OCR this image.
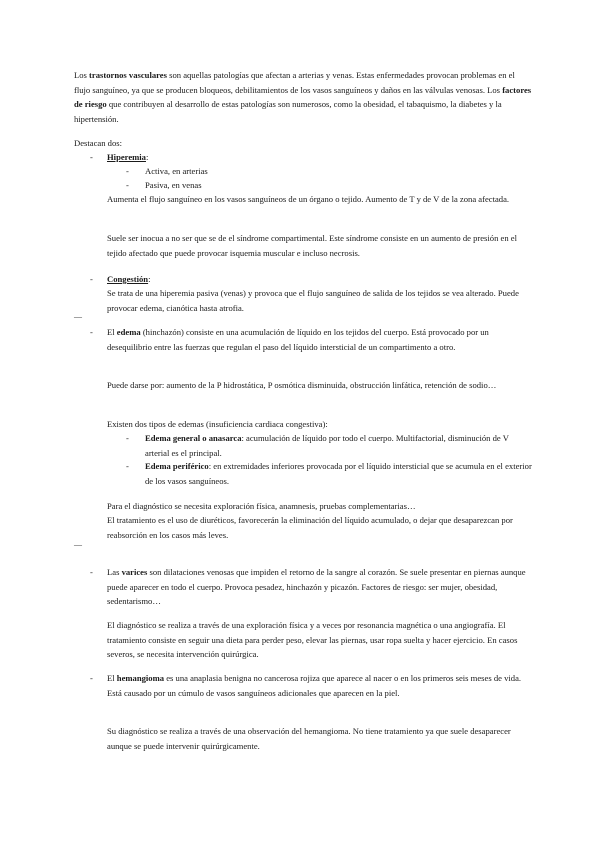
Los trastornos vasculares son aquellas patologías que afectan a arterias y venas. Estas enfermedades provocan problemas en el flujo sanguíneo, ya que se producen bloqueos, debilitamientos de los vasos sanguíneos y daños en las válvulas venosas. Los factores de riesgo que contribuyen al desarrollo de estas patologías son numerosos, como la obesidad, el tabaquismo, la diabetes y la hipertensión.

Destacan dos:

-	Hiperemia:

-	Activa, en arterias

-	Pasiva, en venas

Aumenta el flujo sanguíneo en los vasos sanguíneos de un órgano o tejido. Aumento de T y de V de la zona afectada.

Suele ser inocua a no ser que se de el síndrome compartimental. Este síndrome consiste en un aumento de presión en el tejido afectado que puede provocar isquemia muscular e incluso necrosis.

-	Congestión:

Se trata de una hiperemia pasiva (venas) y provoca que el flujo sanguíneo de salida de los tejidos se vea alterado. Puede provocar edema, cianótica hasta atrofia.

—
-	El edema (hinchazón) consiste en una acumulación de líquido en los tejidos del cuerpo. Está provocado por un desequilibrio entre las fuerzas que regulan el paso del líquido intersticial de un compartimento a otro.

Puede darse por: aumento de la P hidrostática, P osmótica disminuida, obstrucción linfática, retención de sodio…

Existen dos tipos de edemas (insuficiencia cardiaca congestiva):

-	Edema general o anasarca: acumulación de líquido por todo el cuerpo. Multifactorial, disminución de V arterial es el principal.

-	Edema periférico: en extremidades inferiores provocada por el líquido intersticial que se acumula en el exterior de los vasos sanguíneos.

Para el diagnóstico se necesita exploración física, anamnesis, pruebas complementarias…

El tratamiento es el uso de diuréticos, favorecerán la eliminación del líquido acumulado, o dejar que desaparezcan por reabsorción en los casos más leves.

—
-	Las varices son dilataciones venosas que impiden el retorno de la sangre al corazón. Se suele presentar en piernas aunque puede aparecer en todo el cuerpo. Provoca pesadez, hinchazón y picazón. Factores de riesgo: ser mujer, obesidad, sedentarismo…

El diagnóstico se realiza a través de una exploración física y a veces por resonancia magnética o una angiografía. El tratamiento consiste en seguir una dieta para perder peso, elevar las piernas, usar ropa suelta y hacer ejercicio. En casos severos, se necesita intervención quirúrgica.

-	El hemangioma es una anaplasia benigna no cancerosa rojiza que aparece al nacer o en los primeros seis meses de vida. Está causado por un cúmulo de vasos sanguíneos adicionales que aparecen en la piel.

Su diagnóstico se realiza a través de una observación del hemangioma. No tiene tratamiento ya que suele desaparecer aunque se puede intervenir quirúrgicamente.
